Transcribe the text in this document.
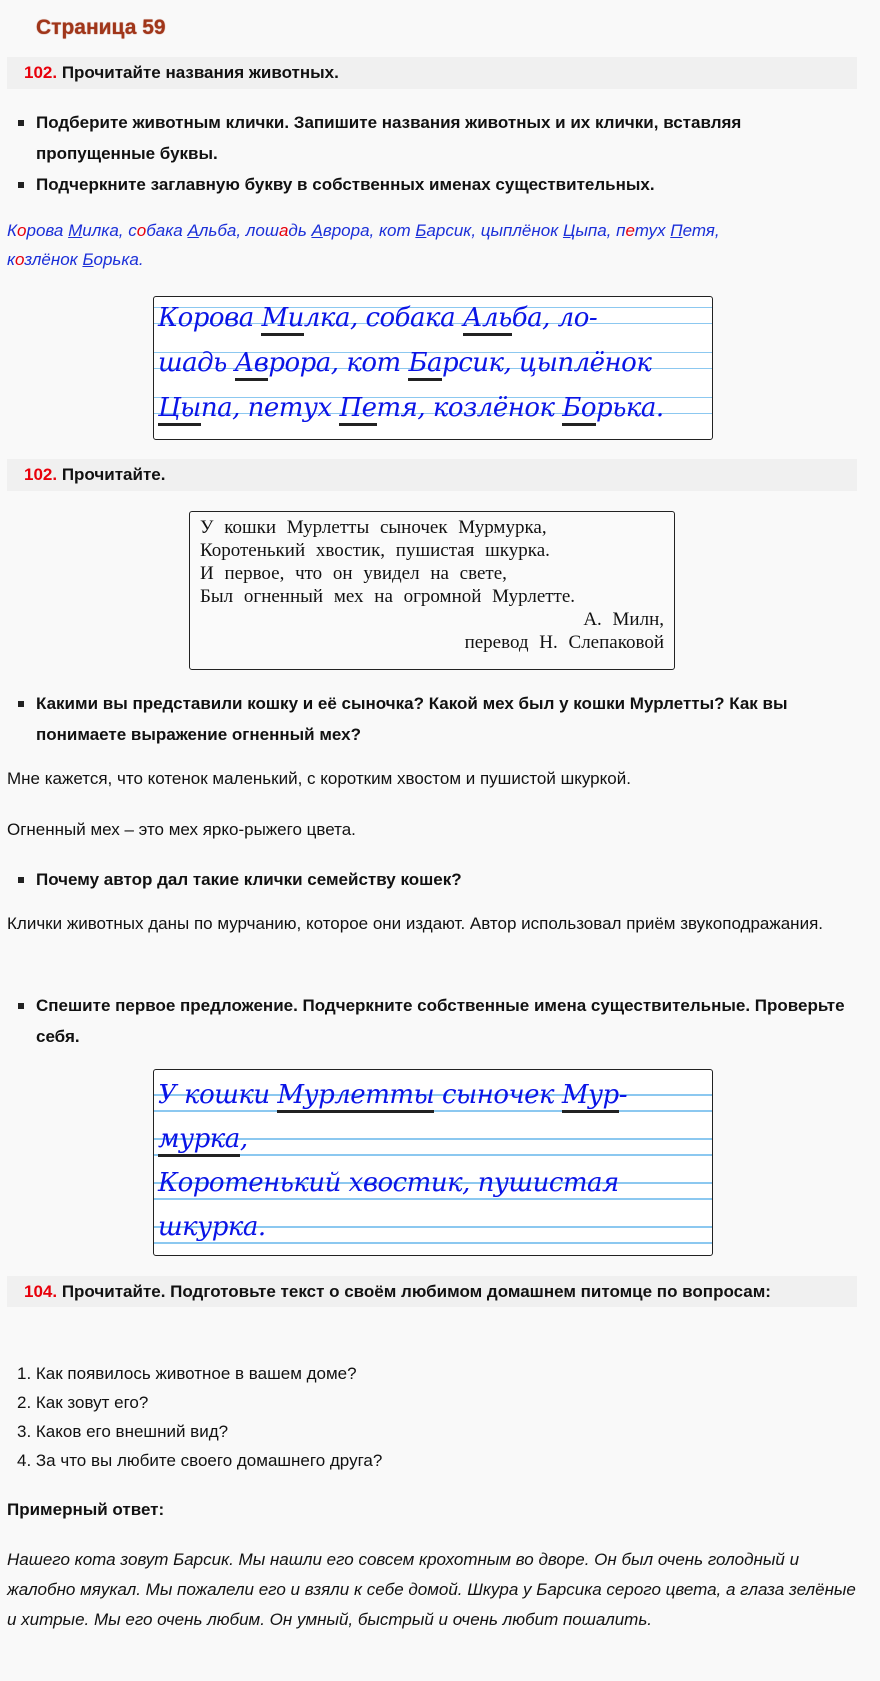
Страница 59
102. Прочитайте названия животных.
Подберите животным клички. Запишите названия животных и их клички, вставляя пропущенные буквы.
Подчеркните заглавную букву в собственных именах существительных.
Корова Милка, собака Альба, лошадь Аврора, кот Барсик, цыплёнок Цыпа, петух Петя,
козлёнок Борька.
Корова Милка, собака Альба, ло-
шадь Аврора, кот Барсик, цыплёнок
Цыпа, петух Петя, козлёнок Борька.
102. Прочитайте.
У кошки Мурлетты сыночек Мурмурка,
Коротенький хвостик, пушистая шкурка.
И первое, что он увидел на свете,
Был огненный мех на огромной Мурлетте.
А. Милн,
перевод Н. Слепаковой
Какими вы представили кошку и её сыночка? Какой мех был у кошки Мурлетты? Как вы понимаете выражение огненный мех?
Мне кажется, что котенок маленький, с коротким хвостом и пушистой шкуркой.
Огненный мех – это мех ярко-рыжего цвета.
Почему автор дал такие клички семейству кошек?
Клички животных даны по мурчанию, которое они издают. Автор использовал приём звукоподражания.
Спешите первое предложение. Подчеркните собственные имена существительные. Проверьте себя.
У кошки Мурлетты сыночек Мур-
мурка,
Коротенький хвостик, пушистая
шкурка.
104. Прочитайте. Подготовьте текст о своём любимом домашнем питомце по вопросам:
1. Как появилось животное в вашем доме?
2. Как зовут его?
3. Каков его внешний вид?
4. За что вы любите своего домашнего друга?
Примерный ответ:
Нашего кота зовут Барсик. Мы нашли его совсем крохотным во дворе. Он был очень голодный и жалобно мяукал. Мы пожалели его и взяли к себе домой. Шкура у Барсика серого цвета, а глаза зелёные и хитрые. Мы его очень любим. Он умный, быстрый и очень любит пошалить.
